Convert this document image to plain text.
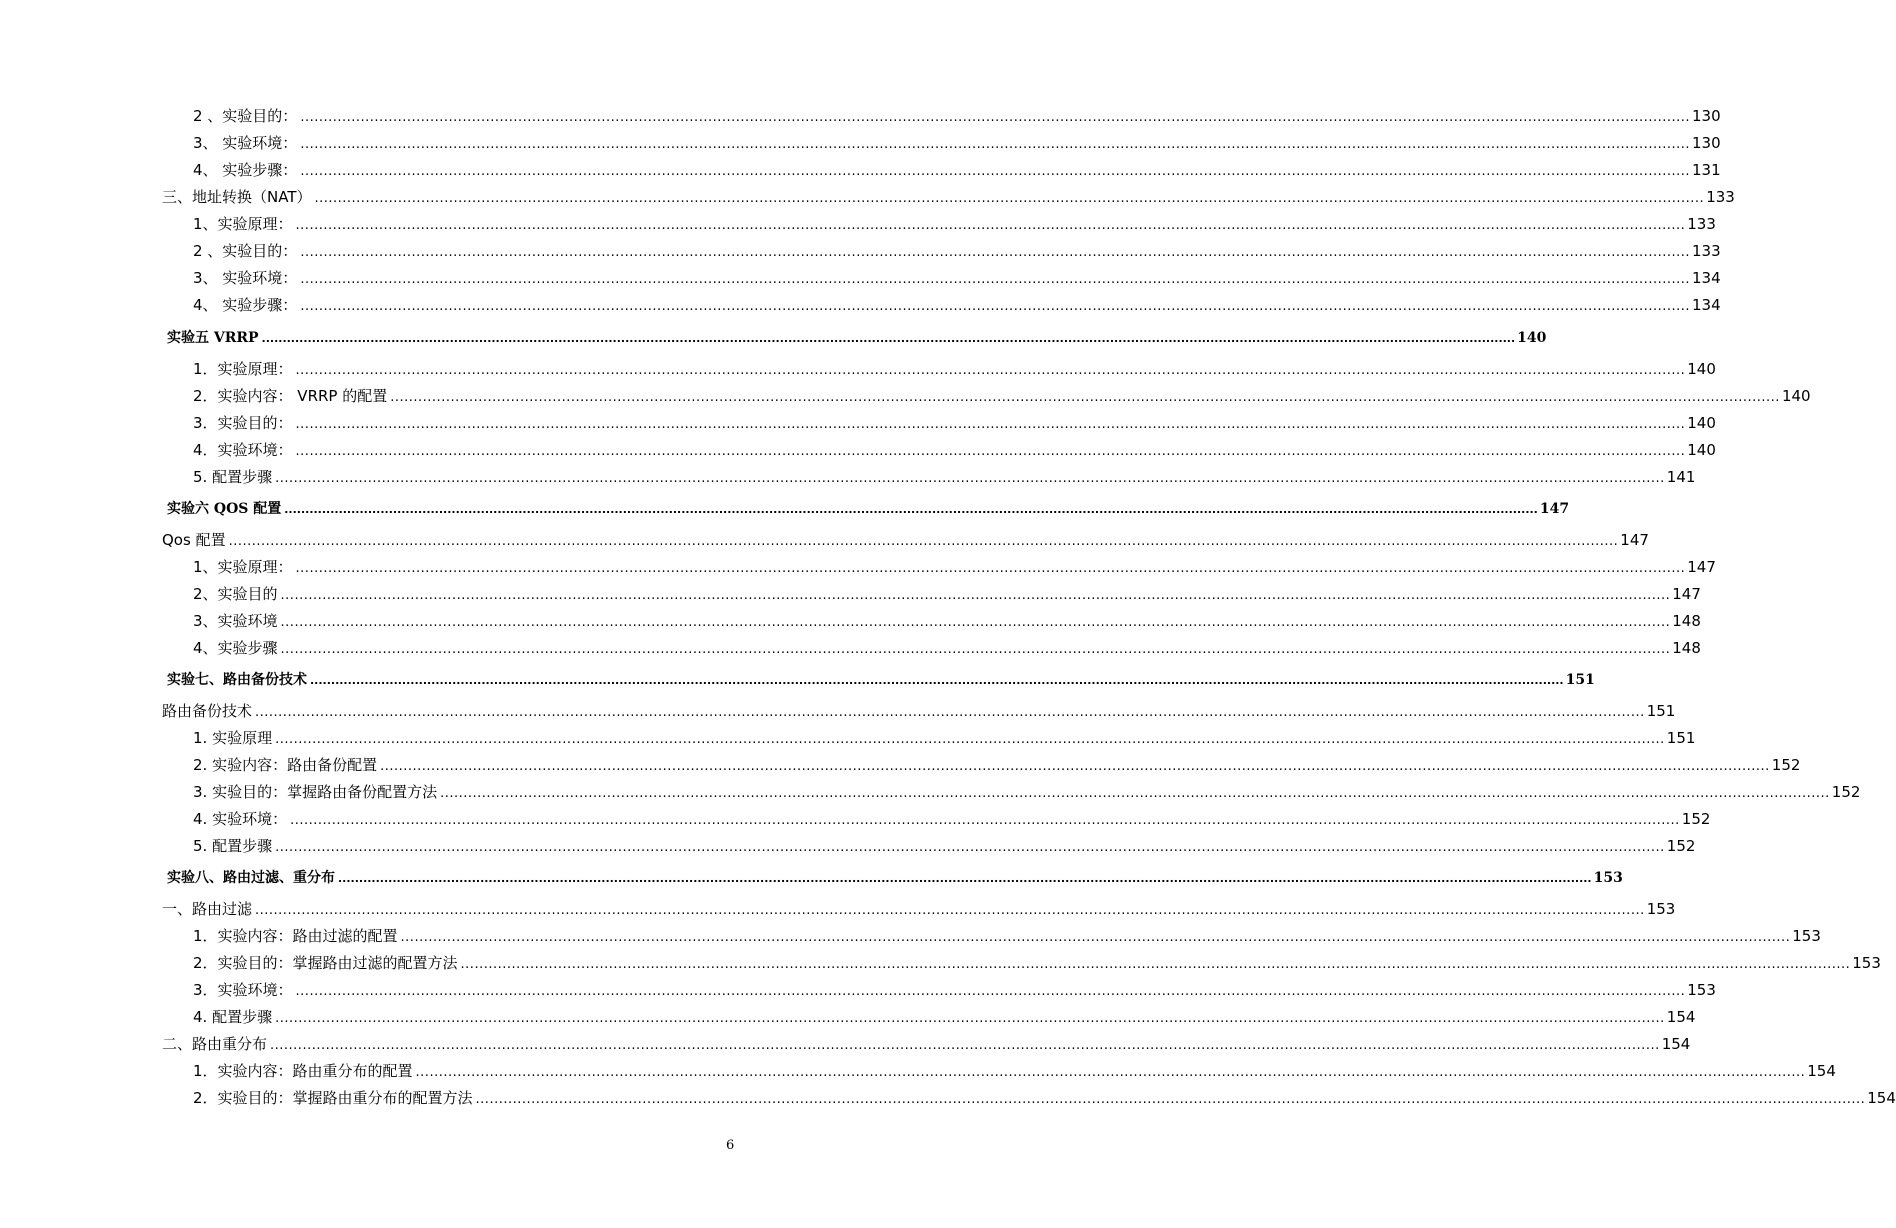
2 、实验目的： ............................................................................................................................................................................................................................................................................................................ 130
3、 实验环境： ............................................................................................................................................................................................................................................................................................................ 130
4、 实验步骤： ............................................................................................................................................................................................................................................................................................................ 131
三、地址转换（NAT） ............................................................................................................................................................................................................................................................................................................ 133
1、实验原理： ............................................................................................................................................................................................................................................................................................................ 133
2 、实验目的： ............................................................................................................................................................................................................................................................................................................ 133
3、 实验环境： ............................................................................................................................................................................................................................................................................................................ 134
4、 实验步骤： ............................................................................................................................................................................................................................................................................................................ 134
实验五 VRRP ............................................................................................................................................................................................................................................................................................................ 140
1．实验原理： ............................................................................................................................................................................................................................................................................................................ 140
2．实验内容： VRRP 的配置 ............................................................................................................................................................................................................................................................................................................ 140
3．实验目的： ............................................................................................................................................................................................................................................................................................................ 140
4．实验环境： ............................................................................................................................................................................................................................................................................................................ 140
5. 配置步骤 ............................................................................................................................................................................................................................................................................................................ 141
实验六 QOS 配置 ............................................................................................................................................................................................................................................................................................................ 147
Qos 配置 ............................................................................................................................................................................................................................................................................................................ 147
1、实验原理： ............................................................................................................................................................................................................................................................................................................ 147
2、实验目的 ............................................................................................................................................................................................................................................................................................................ 147
3、实验环境 ............................................................................................................................................................................................................................................................................................................ 148
4、实验步骤 ............................................................................................................................................................................................................................................................................................................ 148
实验七、路由备份技术 ............................................................................................................................................................................................................................................................................................................ 151
路由备份技术 ............................................................................................................................................................................................................................................................................................................ 151
1. 实验原理 ............................................................................................................................................................................................................................................................................................................ 151
2. 实验内容：路由备份配置 ............................................................................................................................................................................................................................................................................................................ 152
3. 实验目的：掌握路由备份配置方法 ............................................................................................................................................................................................................................................................................................................ 152
4. 实验环境： ............................................................................................................................................................................................................................................................................................................ 152
5. 配置步骤 ............................................................................................................................................................................................................................................................................................................ 152
实验八、路由过滤、重分布 ............................................................................................................................................................................................................................................................................................................ 153
一、路由过滤 ............................................................................................................................................................................................................................................................................................................ 153
1．实验内容：路由过滤的配置 ............................................................................................................................................................................................................................................................................................................ 153
2．实验目的：掌握路由过滤的配置方法 ............................................................................................................................................................................................................................................................................................................ 153
3．实验环境： ............................................................................................................................................................................................................................................................................................................ 153
4. 配置步骤 ............................................................................................................................................................................................................................................................................................................ 154
二、路由重分布 ............................................................................................................................................................................................................................................................................................................ 154
1．实验内容：路由重分布的配置 ............................................................................................................................................................................................................................................................................................................ 154
2．实验目的：掌握路由重分布的配置方法 ............................................................................................................................................................................................................................................................................................................ 154
6
